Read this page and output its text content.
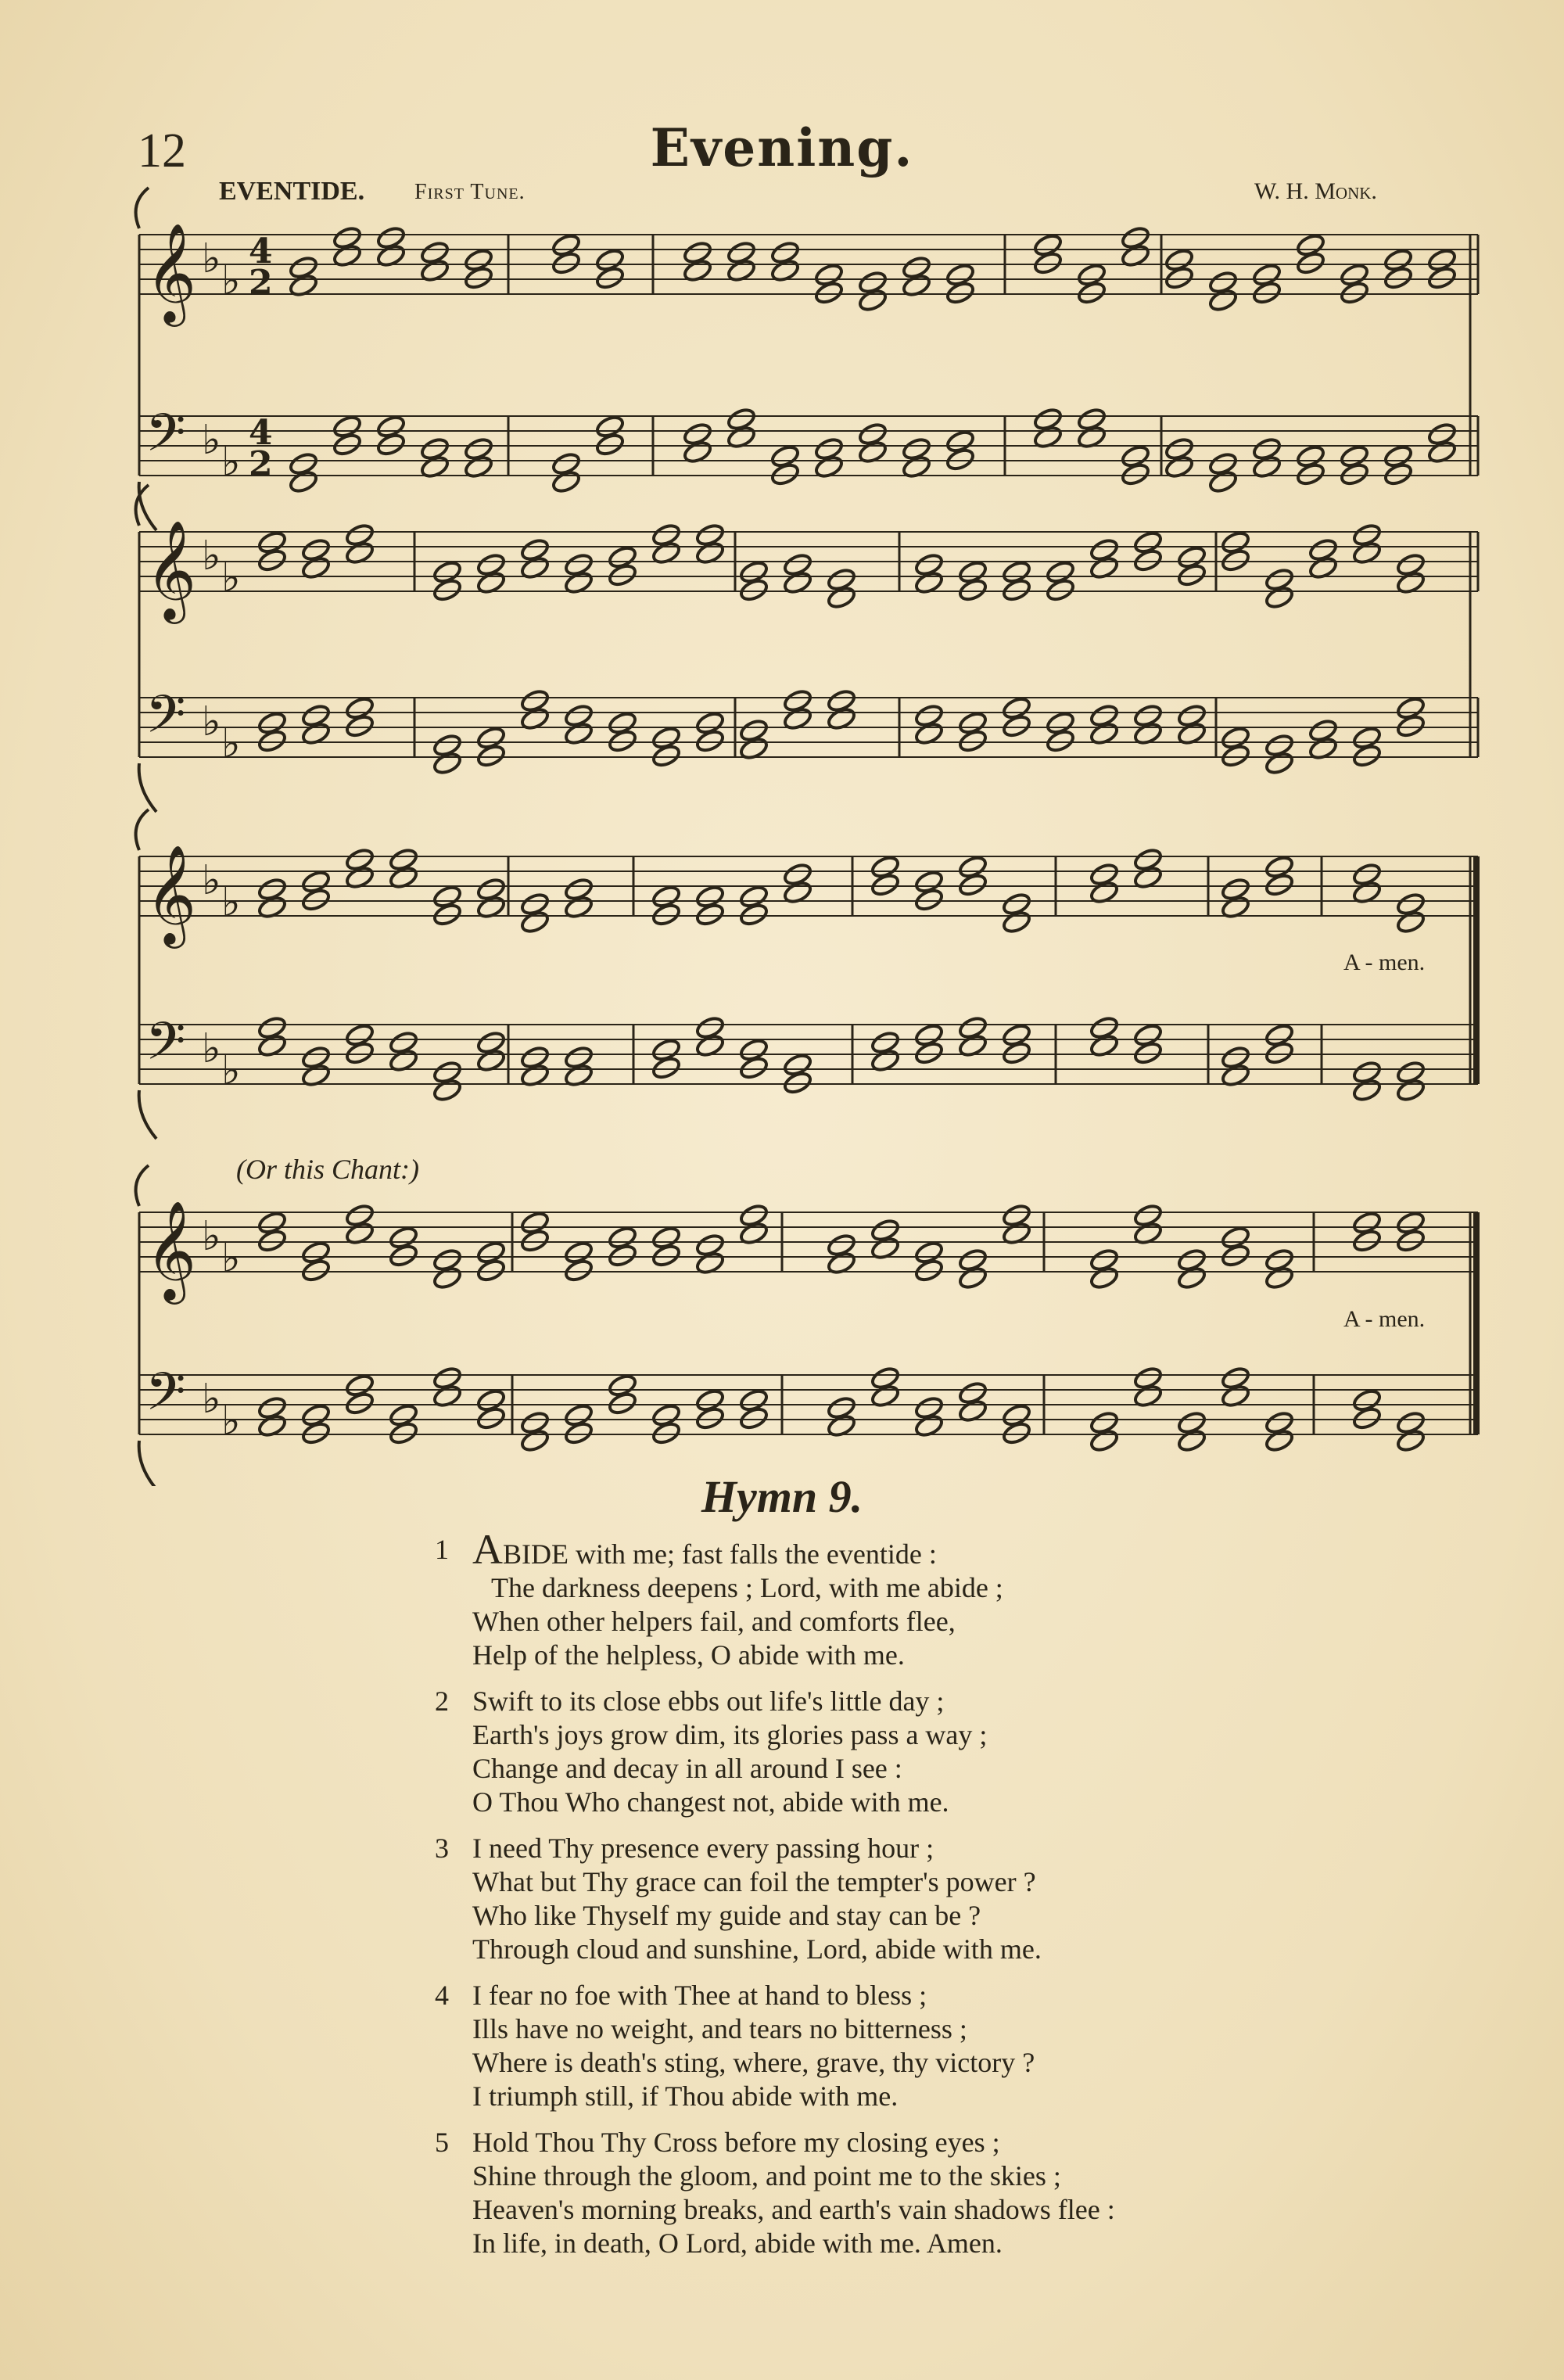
12	Evening.
EVENTIDE. First Tune.	W. H. Monk.
𝄞 ♭ ♭
4
2
𝄢 ♭ ♭
4
2
𝄞 ♭ ♭
𝄢 ♭ ♭
𝄞 ♭ ♭
𝄢 ♭ ♭
𝄞 ♭ ♭
𝄢 ♭ ♭
(Or this Chant:)
A - men.
A - men.
Hymn 9.
1 ABIDE with me; fast falls the eventide :
The darkness deepens ; Lord, with me abide ;
When other helpers fail, and comforts flee,
Help of the helpless, O abide with me.
2 Swift to its close ebbs out life's little day ;
Earth's joys grow dim, its glories pass a way ;
Change and decay in all around I see :
O Thou Who changest not, abide with me.
3 I need Thy presence every passing hour ;
What but Thy grace can foil the tempter's power ?
Who like Thyself my guide and stay can be ?
Through cloud and sunshine, Lord, abide with me.
4 I fear no foe with Thee at hand to bless ;
Ills have no weight, and tears no bitterness ;
Where is death's sting, where, grave, thy victory ?
I triumph still, if Thou abide with me.
5 Hold Thou Thy Cross before my closing eyes ;
Shine through the gloom, and point me to the skies ;
Heaven's morning breaks, and earth's vain shadows flee :
In life, in death, O Lord, abide with me. Amen.
